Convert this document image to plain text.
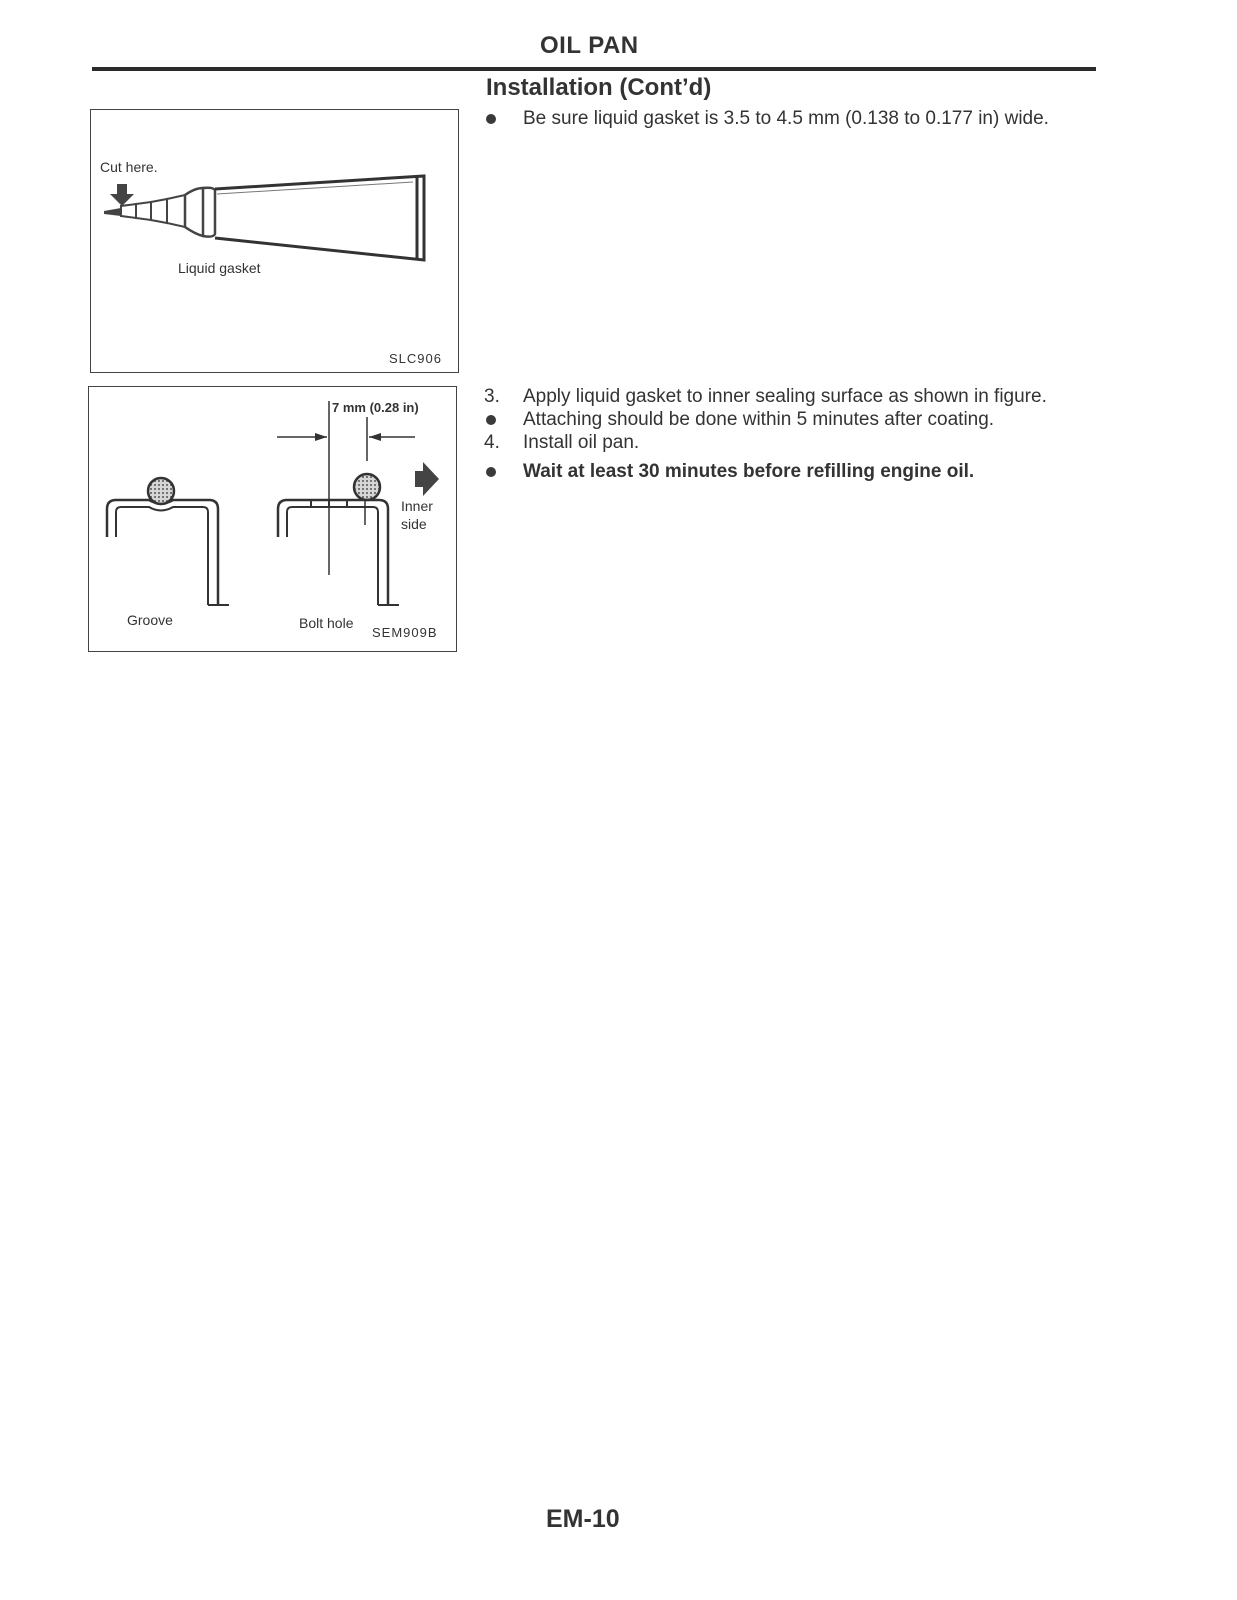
OIL PAN
Installation (Cont’d)
Cut here.
Liquid gasket
SLC906
7 mm (0.28 in)
Inner
side
Groove	Bolt hole
SEM909B
Be sure liquid gasket is 3.5 to 4.5 mm (0.138 to 0.177 in) wide.
3. Apply liquid gasket to inner sealing surface as shown in figure.
Attaching should be done within 5 minutes after coating.
4. Install oil pan.
Wait at least 30 minutes before refilling engine oil.
EM-10
